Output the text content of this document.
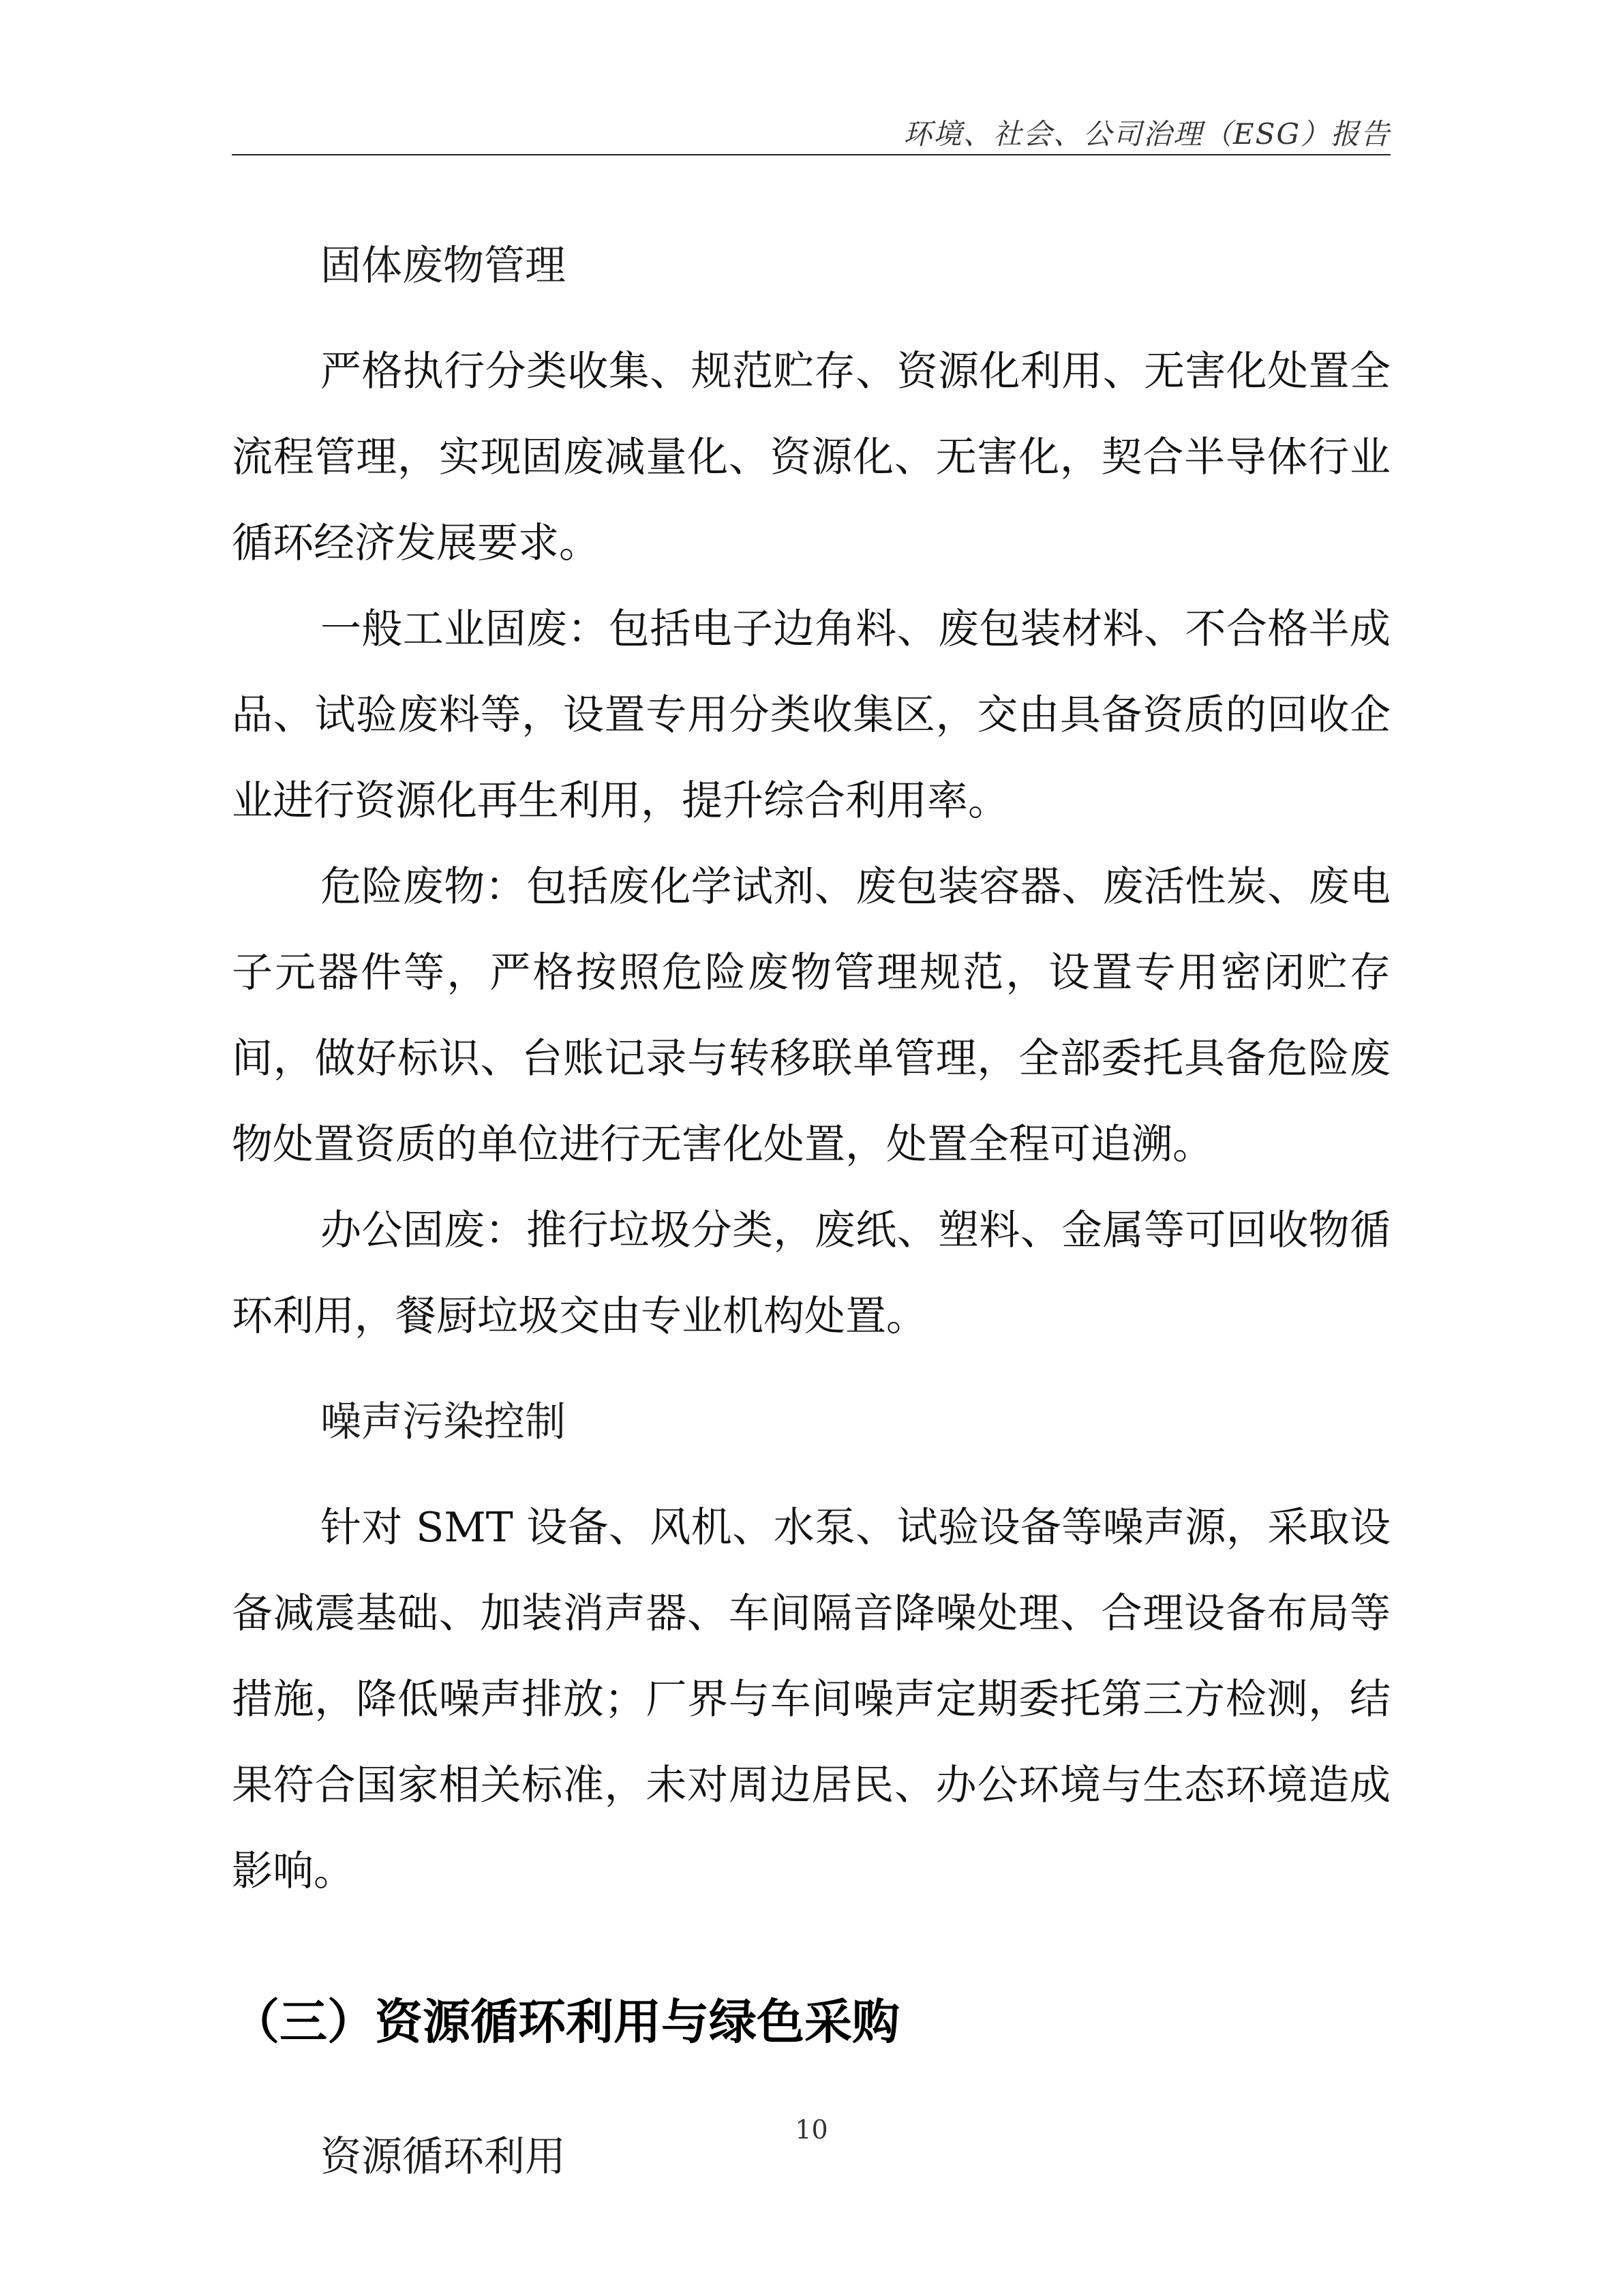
环境、社会、公司治理（ESG）报告

固体废物管理

严格执行分类收集、规范贮存、资源化利用、无害化处置全流程管理，实现固废减量化、资源化、无害化，契合半导体行业循环经济发展要求。

一般工业固废：包括电子边角料、废包装材料、不合格半成品、试验废料等，设置专用分类收集区，交由具备资质的回收企业进行资源化再生利用，提升综合利用率。

危险废物：包括废化学试剂、废包装容器、废活性炭、废电子元器件等，严格按照危险废物管理规范，设置专用密闭贮存间，做好标识、台账记录与转移联单管理，全部委托具备危险废物处置资质的单位进行无害化处置，处置全程可追溯。

办公固废：推行垃圾分类，废纸、塑料、金属等可回收物循环利用，餐厨垃圾交由专业机构处置。

噪声污染控制

针对 SMT 设备、风机、水泵、试验设备等噪声源，采取设备减震基础、加装消声器、车间隔音降噪处理、合理设备布局等措施，降低噪声排放；厂界与车间噪声定期委托第三方检测，结果符合国家相关标准，未对周边居民、办公环境与生态环境造成影响。

（三）资源循环利用与绿色采购

资源循环利用

10
